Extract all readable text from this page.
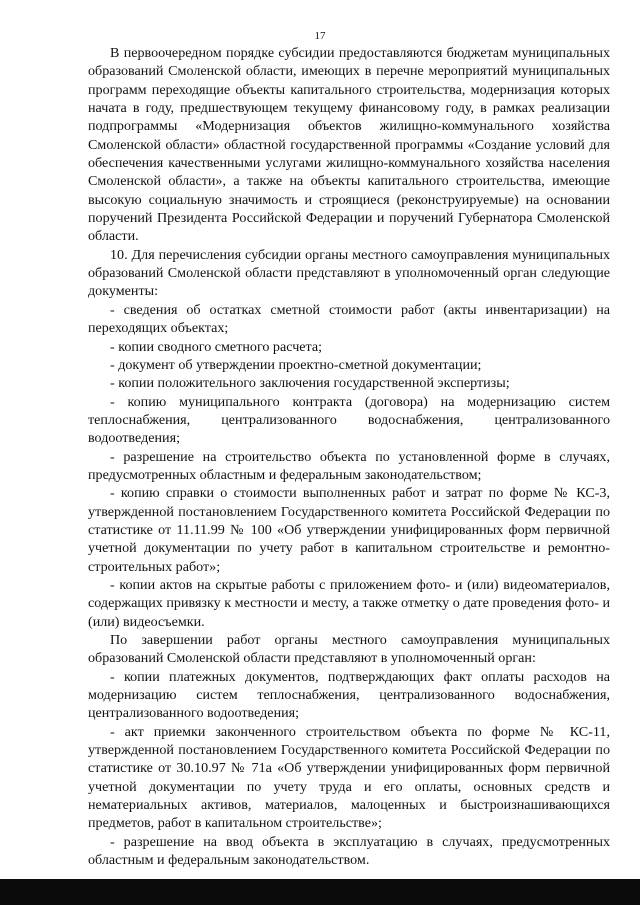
17

В первоочередном порядке субсидии предоставляются бюджетам муниципальных образований Смоленской области, имеющих в перечне мероприятий муниципальных программ переходящие объекты капитального строительства, модернизация которых начата в году, предшествующем текущему финансовому году, в рамках реализации подпрограммы «Модернизация объектов жилищно-коммунального хозяйства Смоленской области» областной государственной программы «Создание условий для обеспечения качественными услугами жилищно-коммунального хозяйства населения Смоленской области», а также на объекты капитального строительства, имеющие высокую социальную значимость и строящиеся (реконструируемые) на основании поручений Президента Российской Федерации и поручений Губернатора Смоленской области.

10. Для перечисления субсидии органы местного самоуправления муниципальных образований Смоленской области представляют в уполномоченный орган следующие документы:

- сведения об остатках сметной стоимости работ (акты инвентаризации) на переходящих объектах;

- копии сводного сметного расчета;

- документ об утверждении проектно-сметной документации;

- копии положительного заключения государственной экспертизы;

- копию муниципального контракта (договора) на модернизацию систем теплоснабжения, централизованного водоснабжения, централизованного водоотведения;

- разрешение на строительство объекта по установленной форме в случаях, предусмотренных областным и федеральным законодательством;

- копию справки о стоимости выполненных работ и затрат по форме № КС-3, утвержденной постановлением Государственного комитета Российской Федерации по статистике от 11.11.99 № 100 «Об утверждении унифицированных форм первичной учетной документации по учету работ в капитальном строительстве и ремонтно-строительных работ»;

- копии актов на скрытые работы с приложением фото- и (или) видеоматериалов, содержащих привязку к местности и месту, а также отметку о дате проведения фото- и (или) видеосъемки.

По завершении работ органы местного самоуправления муниципальных образований Смоленской области представляют в уполномоченный орган:

- копии платежных документов, подтверждающих факт оплаты расходов на модернизацию систем теплоснабжения, централизованного водоснабжения, централизованного водоотведения;

- акт приемки законченного строительством объекта по форме № КС-11, утвержденной постановлением Государственного комитета Российской Федерации по статистике от 30.10.97 № 71а «Об утверждении унифицированных форм первичной учетной документации по учету труда и его оплаты, основных средств и нематериальных активов, материалов, малоценных и быстроизнашивающихся предметов, работ в капитальном строительстве»;

- разрешение на ввод объекта в эксплуатацию в случаях, предусмотренных областным и федеральным законодательством.
